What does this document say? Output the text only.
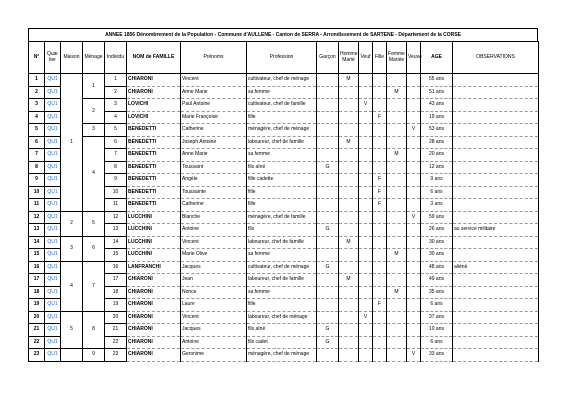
ANNEE 1856 Dénombrement de la Population - Commune d'AULLENE - Canton de SERRA - Arrondissement de SARTENE - Département de la CORSE
N°	Quar tier	Maison	Ménage	Individu	NOM de FAMILLE	Prénoms	Profession	Garçon	Homme Marié	Veuf	Fille	Femme Mariée	Veuve	AGE	OBSERVATIONS
1	QU1	1	1	1	CHIARONI	Vincent	cultivateur, chef de ménage		M					55 ans	
2	QU1			2	CHIARONI	Anne Marie	sa femme					M		51 ans	
3	QU1		2	3	LOVICHI	Paul Antoine	cultivateur, chef de famille			V				43 ans	
4	QU1			4	LOVICHI	Marie Françoise	fille				F			19 ans	
5	QU1		3	5	BENEDETTI	Catherine	ménagère, chef de ménage						V	53 ans	
6	QU1		4	6	BENEDETTI	Joseph Antoine	laboureur, chef de famille		M					28 ans	
7	QU1			7	BENEDETTI	Anne Marie	sa femme					M		20 ans	
8	QU1			8	BENEDETTI	Toussaint	fils aîné	G						12 ans	
9	QU1			9	BENEDETTI	Angèle	fille cadette				F			9 ans	
10	QU1			10	BENEDETTI	Toussainte	fille				F			6 ans	
11	QU1			11	BENEDETTI	Catherine	fille				F			3 ans	
12	QU1	2	5	12	LUCCHINI	Blanche	ménagère, chef de famille						V	59 ans	
13	QU1			13	LUCCHINI	Antoine	fils	G						26 ans	au service militaire
14	QU1	3	6	14	LUCCHINI	Vincent	laboureur, chef de famille		M					30 ans	
15	QU1			15	LUCCHINI	Marie Olive	sa femme					M		30 ans	
16	QU1	4	7	16	LANFRANCHI	Jacques	cultivateur, chef de ménage	G						48 ans	aliéné
17	QU1			17	CHIARONI	Jean	laboureur, chef de famille		M					49 ans	
18	QU1			18	CHIARONI	Nonce	sa femme					M		35 ans	
19	QU1			19	CHIARONI	Laure	fille				F			6 ans	
20	QU1	5	8	20	CHIARONI	Vincent	laboureur, chef de ménage			V				37 ans	
21	QU1			21	CHIARONI	Jacques	fils aîné	G						10 ans	
22	QU1			22	CHIARONI	Antoine	fils cadet	G						6 ans	
23	QU1		9	23	CHIARONI	Geronime	ménagère, chef de ménage						V	33 ans	
